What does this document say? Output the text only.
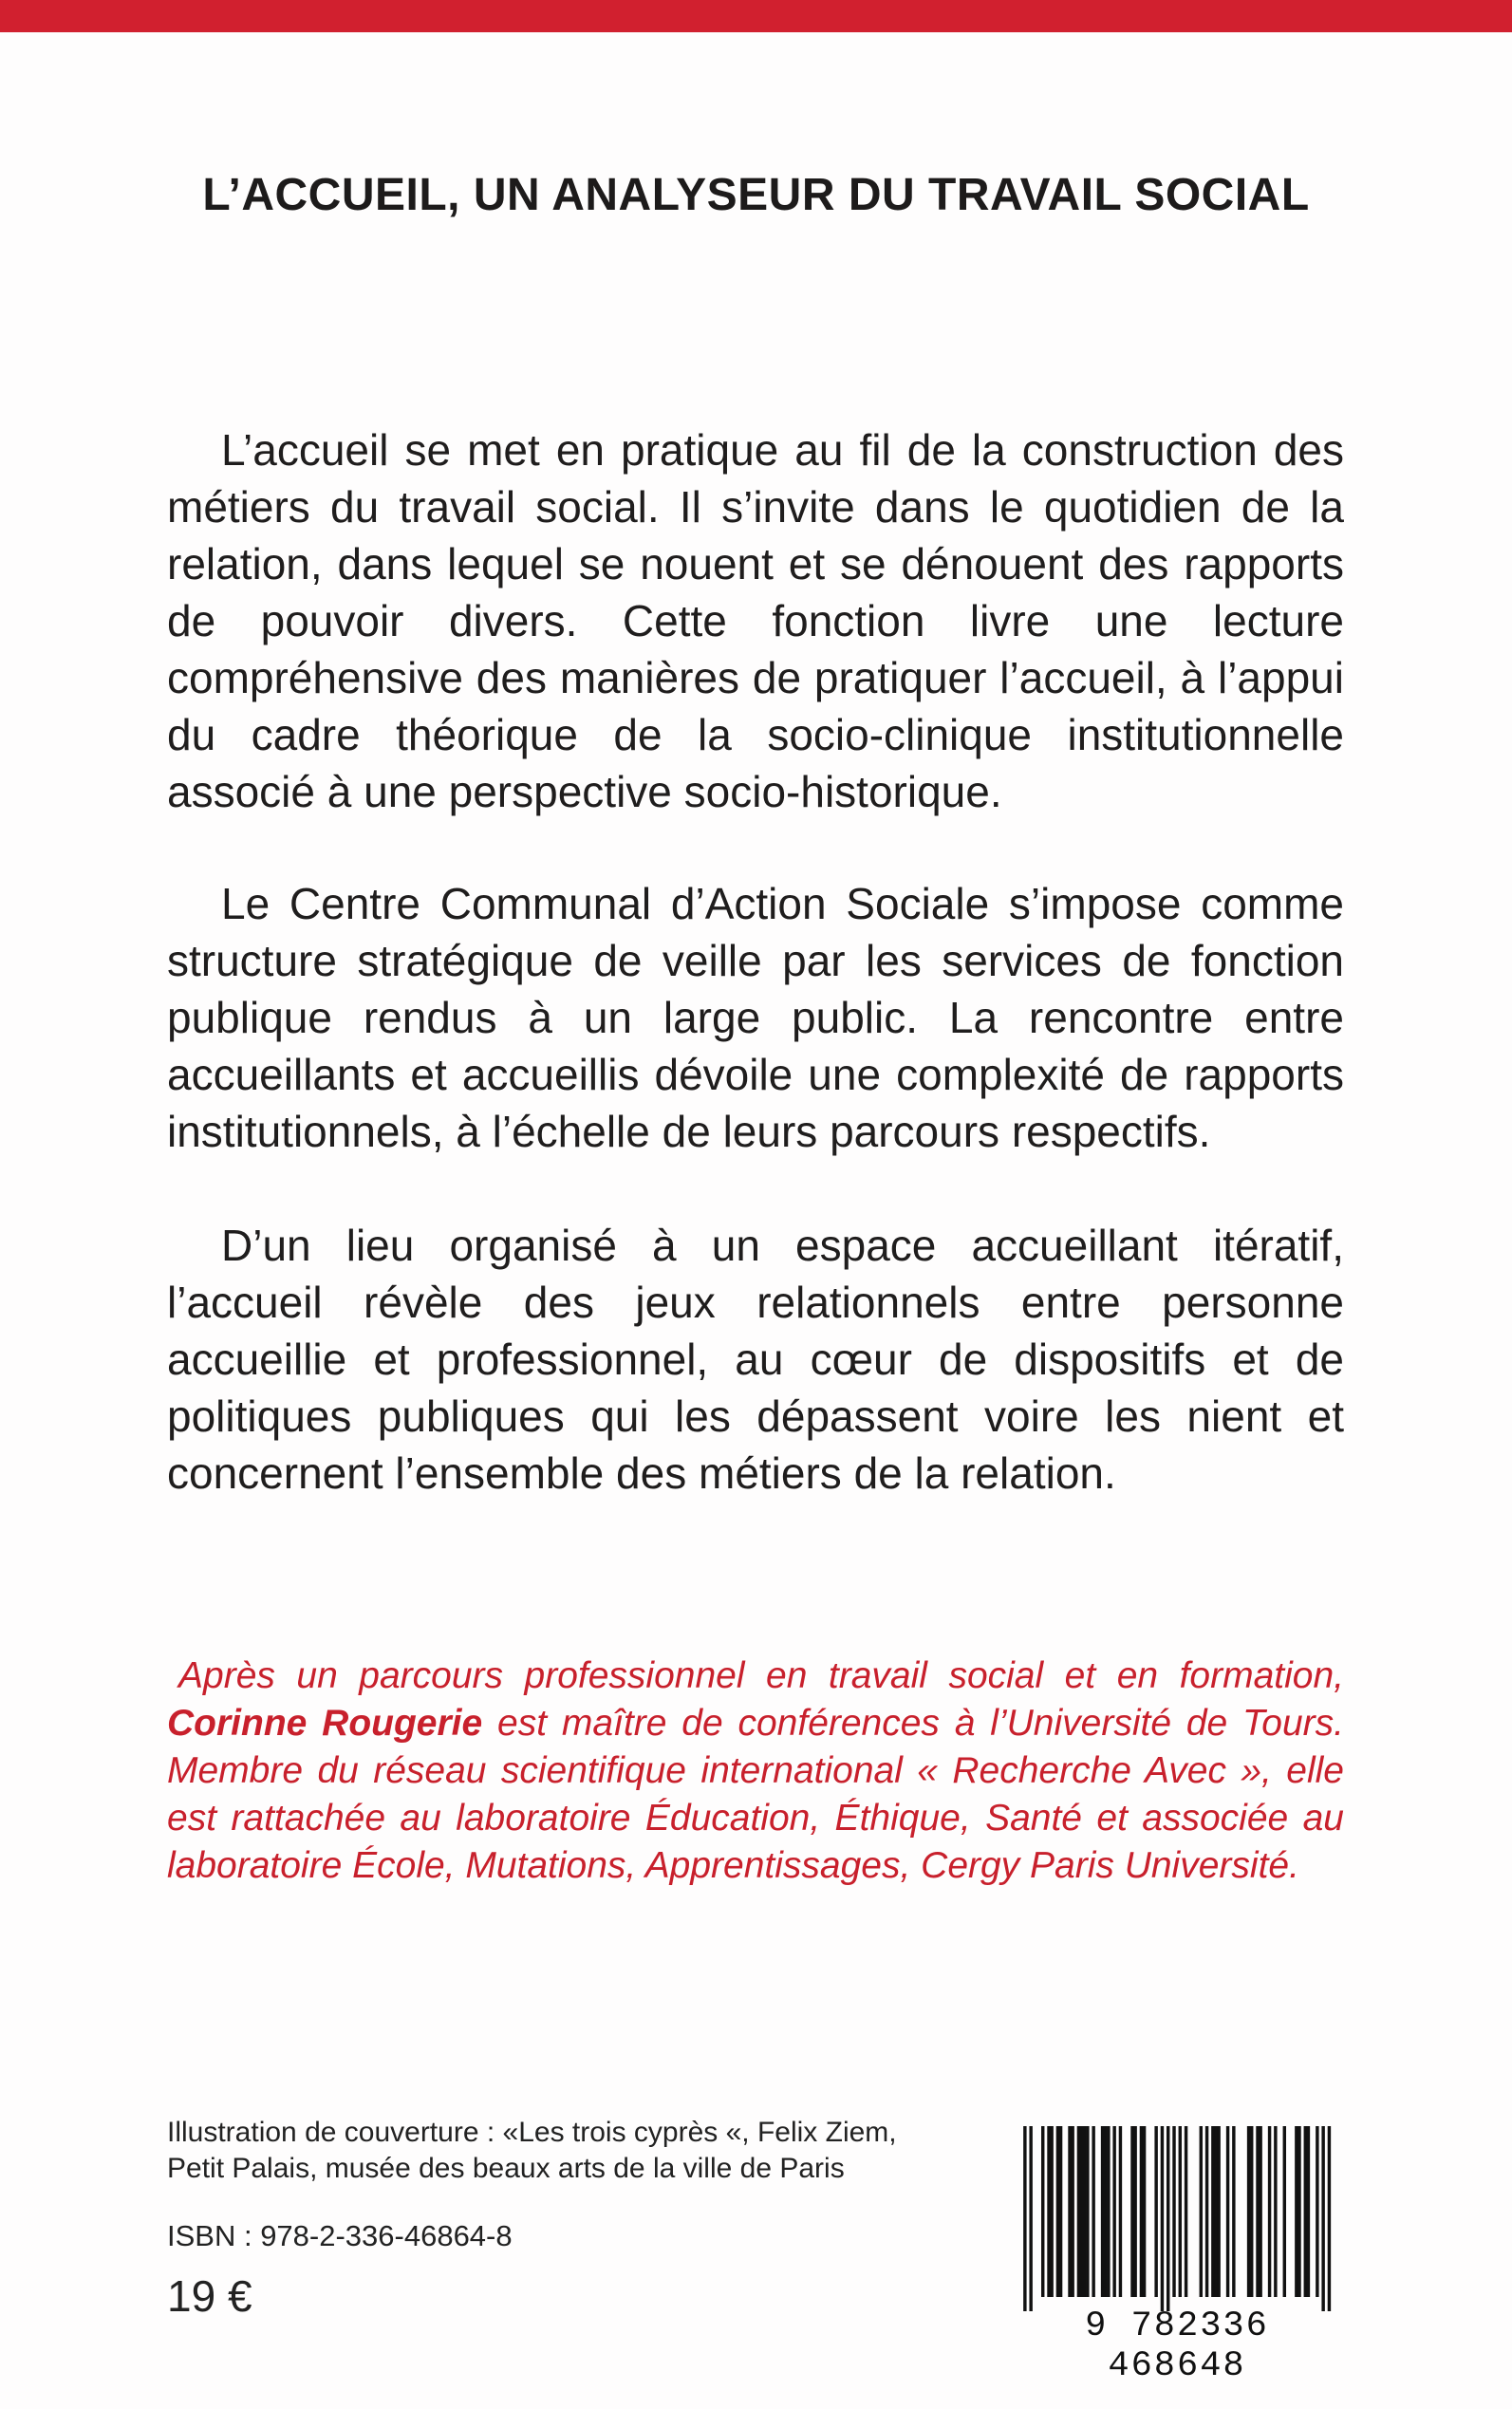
L’ACCUEIL, UN ANALYSEUR DU TRAVAIL SOCIAL

L’accueil se met en pratique au fil de la construction des métiers du travail social. Il s’invite dans le quotidien de la relation, dans lequel se nouent et se dénouent des rapports de pouvoir divers. Cette fonction livre une lecture compréhensive des manières de pratiquer l’accueil, à l’appui du cadre théorique de la socio-clinique institutionnelle associé à une perspective socio-historique.

Le Centre Communal d’Action Sociale s’impose comme structure stratégique de veille par les services de fonction publique rendus à un large public. La rencontre entre accueillants et accueillis dévoile une complexité de rapports institutionnels, à l’échelle de leurs parcours respectifs.

D’un lieu organisé à un espace accueillant itératif, l’accueil révèle des jeux relationnels entre personne accueillie et professionnel, au cœur de dispositifs et de politiques publiques qui les dépassent voire les nient et concernent l’ensemble des métiers de la relation.

Après un parcours professionnel en travail social et en formation, Corinne Rougerie est maître de conférences à l’Université de Tours. Membre du réseau scientifique international « Recherche Avec », elle est rattachée au laboratoire Éducation, Éthique, Santé et associée au laboratoire École, Mutations, Apprentissages, Cergy Paris Université.

Illustration de couverture : «Les trois cyprès «, Felix Ziem,
Petit Palais, musée des beaux arts de la ville de Paris
ISBN : 978-2-336-46864-8
19 €
9 782336 468648
